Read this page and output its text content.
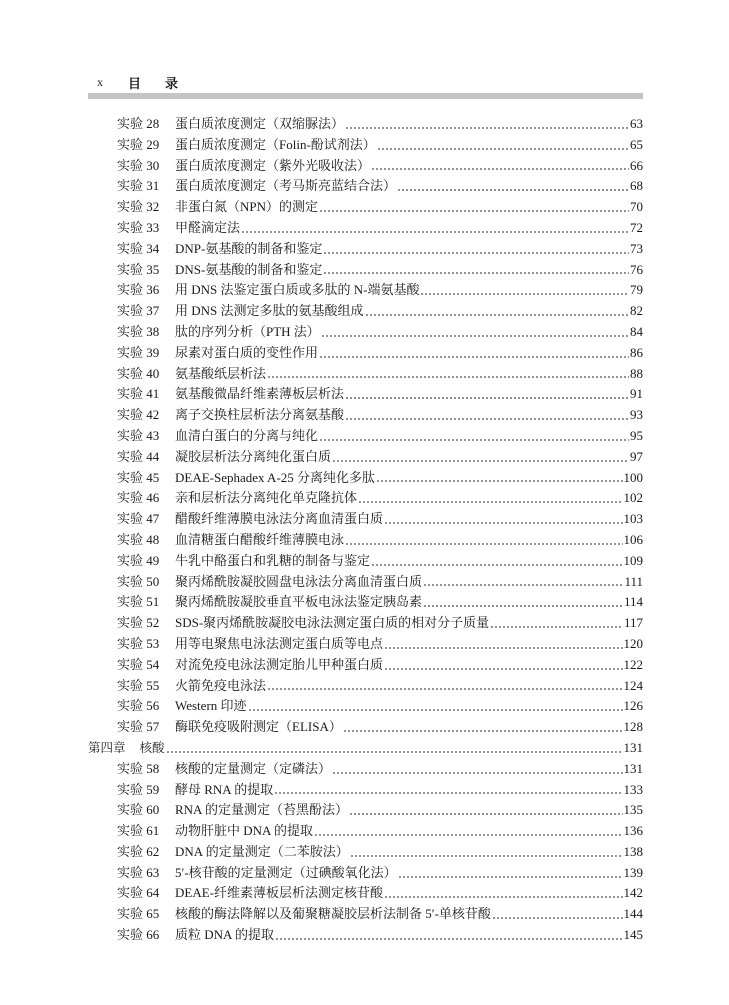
x	目 录
实验 28	蛋白质浓度测定（双缩脲法）	63
实验 29	蛋白质浓度测定（Folin-酚试剂法）	65
实验 30	蛋白质浓度测定（紫外光吸收法）	66
实验 31	蛋白质浓度测定（考马斯亮蓝结合法）	68
实验 32	非蛋白氮（NPN）的测定	70
实验 33	甲醛滴定法	72
实验 34	DNP-氨基酸的制备和鉴定	73
实验 35	DNS-氨基酸的制备和鉴定	76
实验 36	用 DNS 法鉴定蛋白质或多肽的 N-端氨基酸	79
实验 37	用 DNS 法测定多肽的氨基酸组成	82
实验 38	肽的序列分析（PTH 法）	84
实验 39	尿素对蛋白质的变性作用	86
实验 40	氨基酸纸层析法	88
实验 41	氨基酸微晶纤维素薄板层析法	91
实验 42	离子交换柱层析法分离氨基酸	93
实验 43	血清白蛋白的分离与纯化	95
实验 44	凝胶层析法分离纯化蛋白质	97
实验 45	DEAE-Sephadex A-25 分离纯化多肽	100
实验 46	亲和层析法分离纯化单克隆抗体	102
实验 47	醋酸纤维薄膜电泳法分离血清蛋白质	103
实验 48	血清糖蛋白醋酸纤维薄膜电泳	106
实验 49	牛乳中酪蛋白和乳糖的制备与鉴定	109
实验 50	聚丙烯酰胺凝胶圆盘电泳法分离血清蛋白质	111
实验 51	聚丙烯酰胺凝胶垂直平板电泳法鉴定胰岛素	114
实验 52	SDS-聚丙烯酰胺凝胶电泳法测定蛋白质的相对分子质量	117
实验 53	用等电聚焦电泳法测定蛋白质等电点	120
实验 54	对流免疫电泳法测定胎儿甲种蛋白质	122
实验 55	火箭免疫电泳法	124
实验 56	Western 印迹	126
实验 57	酶联免疫吸附测定（ELISA）	128
第四章 核酸	131
实验 58	核酸的定量测定（定磷法）	131
实验 59	酵母 RNA 的提取	133
实验 60	RNA 的定量测定（苔黑酚法）	135
实验 61	动物肝脏中 DNA 的提取	136
实验 62	DNA 的定量测定（二苯胺法）	138
实验 63	5′-核苷酸的定量测定（过碘酸氧化法）	139
实验 64	DEAE-纤维素薄板层析法测定核苷酸	142
实验 65	核酸的酶法降解以及葡聚糖凝胶层析法制备 5′-单核苷酸	144
实验 66	质粒 DNA 的提取	145
